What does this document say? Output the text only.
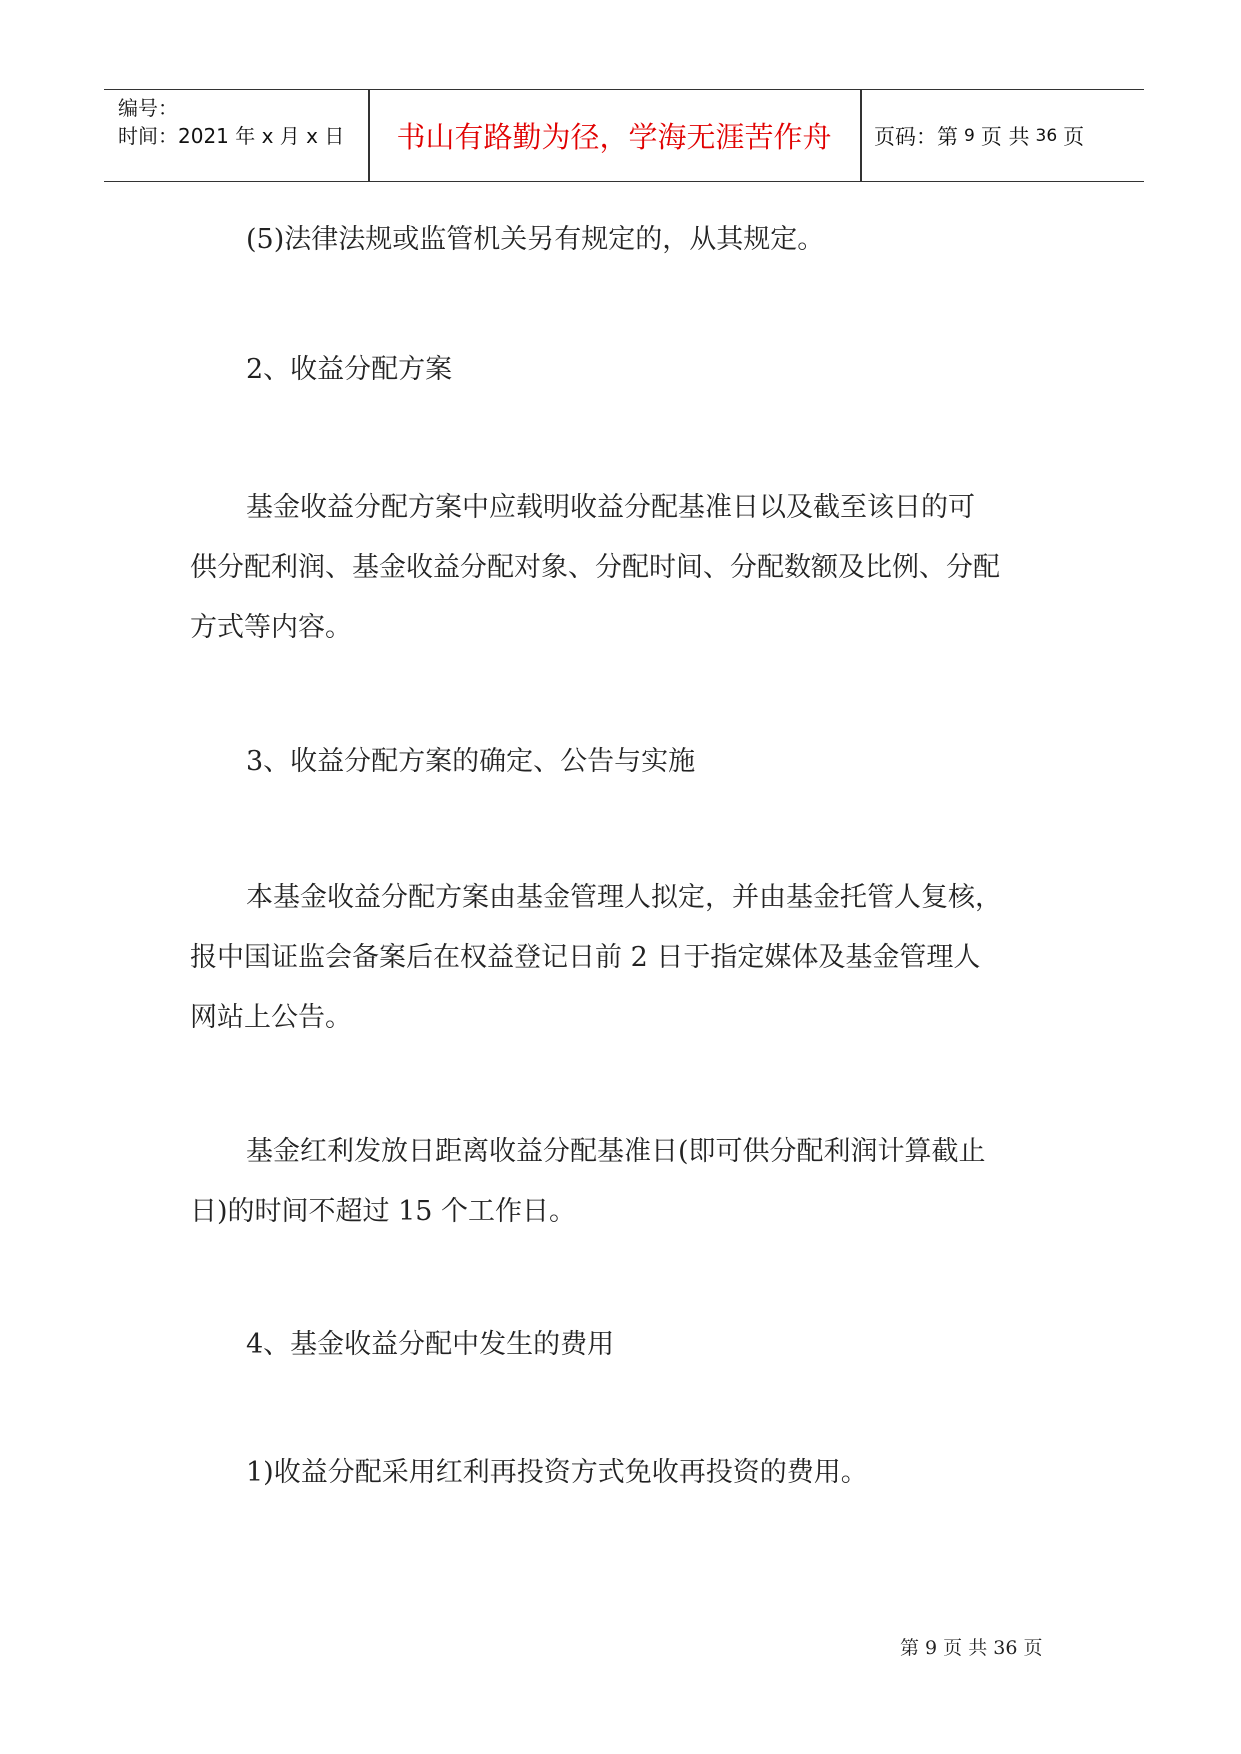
编号：
时间：2021 年 x 月 x 日	书山有路勤为径，学海无涯苦作舟	页码：第 9 页 共 36 页
(5)法律法规或监管机关另有规定的，从其规定。
2、收益分配方案
基金收益分配方案中应载明收益分配基准日以及截至该日的可
供分配利润、基金收益分配对象、分配时间、分配数额及比例、分配
方式等内容。
3、收益分配方案的确定、公告与实施
本基金收益分配方案由基金管理人拟定，并由基金托管人复核，
报中国证监会备案后在权益登记日前 2 日于指定媒体及基金管理人
网站上公告。
基金红利发放日距离收益分配基准日(即可供分配利润计算截止
日)的时间不超过 15 个工作日。
4、基金收益分配中发生的费用
1)收益分配采用红利再投资方式免收再投资的费用。
第 9 页 共 36 页
